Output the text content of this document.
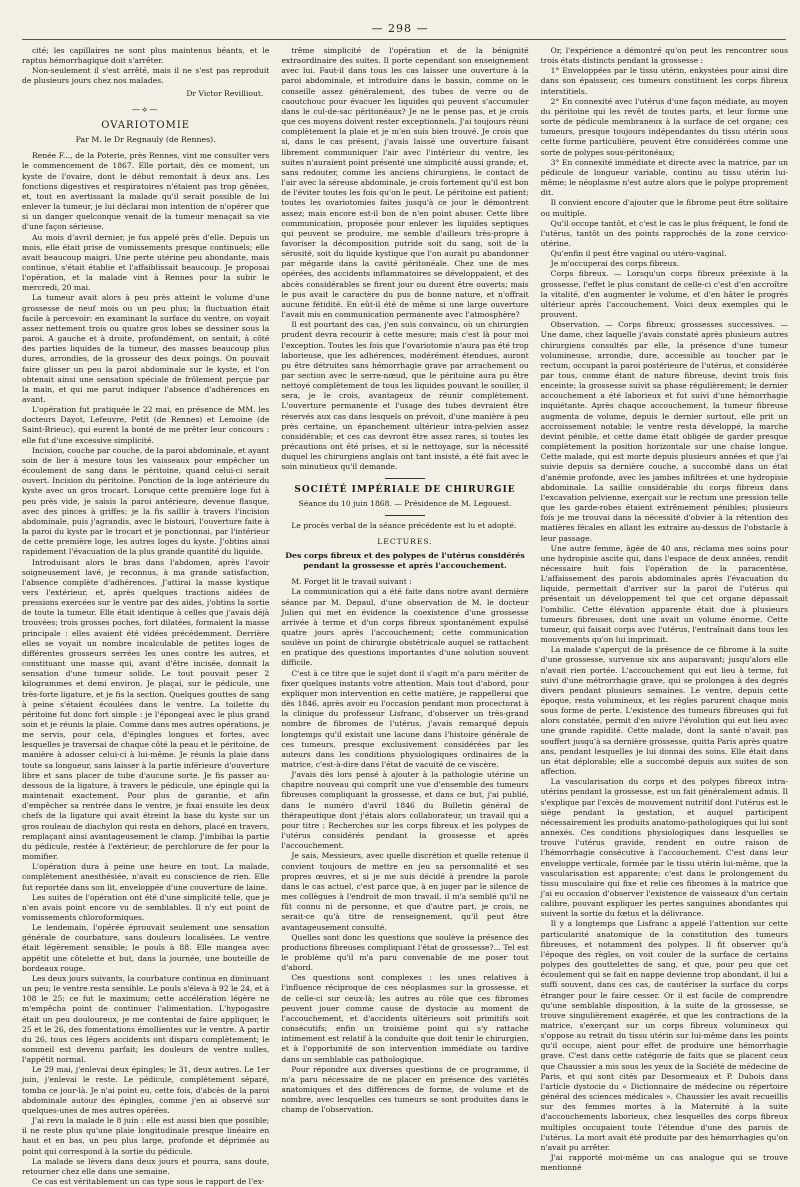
— 298 —

cité; les capillaires ne sont plus maintenus béants, et le raptus hémorrhagique doit s'arrêter.

Non-seulement il s'est arrêté, mais il ne s'est pas reproduit de plusieurs jours chez nos malades.

Dr Victor Revilliout.
—⟡—
OVARIOTOMIE
Par M. le Dr Regnauly (de Rennes).

Renée F..., de la Poterie, près Rennes, vint me consulter vers le commencement de 1867. Elle portait, dès ce moment, un kyste de l'ovaire, dont le début remontait à deux ans. Les fonctions digestives et respiratoires n'étaient pas trop gênées, et, tout en avertissant la malade qu'il serait possible de lui enlever la tumeur, je lui déclarai mon intention de n'opérer que si un danger quelconque venait de la tumeur menaçait sa vie d'une façon sérieuse.

Au mois d'avril dernier, je fus appelé près d'elle. Depuis un mois, elle était prise de vomissements presque continuels; elle avait beaucoup maigri. Une perte utérine peu abondante, mais continue, s'était établie et l'affaiblissait beaucoup. Je proposai l'opération, et la malade vint à Rennes pour la subir le mercredi, 20 mai.

La tumeur avait alors à peu près atteint le volume d'une grossesse de neuf mois ou un peu plus; la fluctuation était facile à percevoir: en examinant la surface du ventre, on voyait assez nettement trois ou quatre gros lobes se dessiner sous la paroi. A gauche et à droite, profondément, on sentait, à côté des parties liquides de la tumeur, des masses beaucoup plus dures, arrondies, de la grosseur des deux poings. On pouvait faire glisser un peu la paroi abdominale sur le kyste, et l'on obtenait ainsi une sensation spéciale de frôlement perçue par la main, et qui me parut indiquer l'absence d'adhérences en avant.

L'opération fut pratiquée le 22 mai, en présence de MM. les docteurs Dayot, Lefeuvre, Petit (de Rennes) et Lemoine (de Saint-Brieuc), qui eurent la bonté de me prêter leur concours : elle fut d'une excessive simplicité.

Incision, couche par couche, de la paroi abdominale, et ayant soin de lier à mesure tous les vaisseaux pour empêcher un écoulement de sang dans le péritoine, quand celui-ci serait ouvert. Incision du péritoine. Ponction de la loge antérieure du kyste avec un gros trocart. Lorsque cette première loge fut à peu près vide, je saisis la paroi antérieure, devenue flasque, avec des pinces à griffes; je la fis saillir à travers l'incision abdominale, puis j'agrandis, avec le bistouri, l'ouverture faite à la paroi du kyste par le trocart et je ponctionnai, par l'intérieur de cette première loge, les autres loges du kyste. J'obtins ainsi rapidement l'évacuation de la plus grande quantité du liquide.

Introduisant alors le bras dans l'abdomen, après l'avoir soigneusement lavé, je reconnus, à ma grande satisfaction, l'absence complète d'adhérences. J'attirai la masse kystique vers l'extérieur, et, après quelques tractions aidées de pressions exercées sur le ventre par des aides, j'obtins la sortie de toute la tumeur. Elle était identique à celles que j'avais déjà trouvées; trois grosses poches, fort dilatées, formaient la masse principale : elles avaient été vidées précédemment. Derrière elles se voyait un nombre incalculable de petites loges de différentes grosseurs serrées les unes contre les autres, et constituant une masse qui, avant d'être incisée, donnait la sensation d'une tumeur solide. Le tout pouvait peser 2 kilogrammes et demi environ. Je plaçai, sur le pédicule, une très-forte ligature, et je fis la section. Quelques gouttes de sang à peine s'étaient écoulées dans le ventre. La toilette du péritoine fut donc fort simple : je l'épongeai avec le plus grand soin et je réunis la plaie. Comme dans mes autres opérations, je me servis, pour cela, d'épingles longues et fortes, avec lesquelles je traversai de chaque côté la peau et le péritoine, de manière à adosser celui-ci à lui-même. Je réunis la plaie dans toute sa longueur, sans laisser à la partie inférieure d'ouverture libre et sans placer de tube d'aucune sorte. Je fis passer au-dessous de la ligature, à travers le pédicule, une épingle qui la maintenait exactement. Pour plus de garantie, et afin d'empêcher sa rentrée dans le ventre, je fixai ensuite les deux chefs de la ligature qui avait étreint la base du kyste sur un gros rouleau de diachylon qui resta en dehors, placé en travers, remplaçant ainsi avantageusement le clamp. J'imbibai la partie du pédicule, restée à l'extérieur, de perchlorure de fer pour la momifier.

L'opération dura à peine une heure en tout. La malade, complètement anesthésiée, n'avait eu conscience de rien. Elle fut reportée dans son lit, enveloppée d'une couverture de laine.

Les suites de l'opération ont été d'une simplicité telle, que je n'en avais point encore vu de semblables. Il n'y eut point de vomissements chloroformiques.

Le lendemain, l'opérée éprouvait seulement une sensation générale de courbature, sans douleurs localisées. Le ventre était légèrement sensible; le pouls à 88. Elle mangea avec appétit une côtelette et but, dans la journée, une bouteille de bordeaux rouge.

Les deux jours suivants, la courbature continua en diminuant un peu; le ventre resta sensible. Le pouls s'éleva à 92 le 24, et à 108 le 25; ce fut le maximum; cette accélération légère ne m'empêcha point de continuer l'alimentation. L'hypogastre était un peu douloureux, je me contentai de faire appliquer, le 25 et le 26, des fomentations émollientes sur le ventre. A partir du 26, tous ces légers accidents ont disparu complètement; le sommeil est devenu parfait; les douleurs de ventre nulles, l'appétit normal.

Le 29 mai, j'enlevai deux épingles; le 31, deux autres. Le 1er juin, j'enlevai le reste. Le pédicule, complètement séparé, tomba ce jour-là. Je n'ai point eu, cette fois, d'abcès de la paroi abdominale autour des épingles, comme j'en ai observé sur quelques-unes de mes autres opérées.

J'ai revu la malade le 8 juin : elle est aussi bien que possible; il ne reste plus qu'une plaie longitudinale presque linéaire en haut et en bas, un peu plus large, profonde et déprimée au point qui correspond à la sortie du pédicule.

La malade se lèvera dans deux jours et pourra, sans doute, retourner chez elle dans une semaine.

Ce cas est véritablement un cas type sous le rapport de l'ex-

trême simplicité de l'opération et de la bénignité extraordinaire des suites. Il porte cependant son enseignement avec lui. Faut-il dans tous les cas laisser une ouverture à la paroi abdominale, et introduire dans le bassin, comme on le conseille assez généralement, des tubes de verre ou de caoutchouc pour évacuer les liquides qui peuvent s'accumuler dans le cul-de-sac péritonéaux? Je ne le pense pas, et je crois que ces moyens doivent rester exceptionnels. J'ai toujours réuni complètement la plaie et je m'en suis bien trouvé. Je crois que si, dans le cas présent, j'avais laissé une ouverture faisant librement communiquer l'air avec l'intérieur du ventre, les suites n'auraient point présenté une simplicité aussi grande; et, sans redouter, comme les anciens chirurgiens, le contact de l'air avec la séreuse abdominale, je crois fortement qu'il est bon de l'éviter toutes les fois qu'on le peut. Le péritoine est patient; toutes les ovariotomies faites jusqu'à ce jour le démontrent assez; mais encore est-il bon de n'en point abuser. Cette libre communication, proposée pour enlever les liquides septiques qui peuvent se produire, me semble d'ailleurs très-propre à favoriser la décomposition putride soit du sang, soit de la sérosité, soit du liquide kystique que l'on aurait pu abandonner par mégarde dans la cavité péritonéale. Chez une de mes opérées, des accidents inflammatoires se développaient, et des abcès considérables se firent jour ou durent être ouverts; mais le pus avait le caractère du pus de bonne nature, et n'offrait aucune fétidité. En eût-il été de même si une large ouverture l'avait mis en communication permanente avec l'atmosphère?

Il est pourtant des cas, j'en suis convaincu, où un chirurgien prudent devra recourir à cette mesure; mais c'est là pour moi l'exception. Toutes les fois que l'ovariotomie n'aura pas été trop laborieuse, que les adhérences, modérément étendues, auront pu être détruites sans hémorrhagie grave par arrachement ou par section avec le serre-nœud, que le péritoine aura pu être nettoyé complètement de tous les liquides pouvant le souiller, il sera, je le crois, avantageux de réunir complètement. L'ouverture permanente et l'usage des tubes devraient être réservés aux cas dans lesquels on prévoit, d'une manière à peu près certaine, un épanchement ultérieur intra-pelvien assez considérable; et ces cas devront être assez rares, si toutes les précautions ont été prises, et si le nettoyage, sur la nécessité duquel les chirurgiens anglais ont tant insisté, a été fait avec le soin minutieux qu'il demande.

SOCIÉTÉ IMPÉRIALE DE CHIRURGIE
Séance du 10 juin 1868. — Présidence de M. Legouest.

Le procès verbal de la séance précédente est lu et adopté.

LECTURES.
Des corps fibreux et des polypes de l'utérus considérés pendant la grossesse et après l'accouchement.

M. Forget lit le travail suivant :

La communication qui a été faite dans notre avant dernière séance par M. Depaul, d'une observation de M. le docteur Julien qui met en évidence la coexistence d'une grossesse arrivée à terme et d'un corps fibreux spontanément expulsé quatre jours après l'accouchement; cette communication soulève un point de chirurgie obstétricale auquel se rattachent en pratique des questions importantes d'une solution souvent difficile.

C'est à ce titre que le sujet dont il s'agit m'a paru mériter de fixer quelques instants votre attention. Mais tout d'abord, pour expliquer mon intervention en cette matière, je rappellerai que dès 1846, après avoir eu l'occasion pendant mon procectorat à la clinique du professeur Lisfranc, d'observer un très-grand nombre de fibromes de l'utérus, j'avais remarqué depuis longtemps qu'il existait une lacune dans l'histoire générale de ces tumeurs, presque exclusivement considérées par les auteurs dans les conditions physiologiques ordinaires de la matrice, c'est-à-dire dans l'état de vacuité de ce viscère.

J'avais dès lors pensé à ajouter à la pathologie utérine un chapitre nouveau qui comprît une vue d'ensemble des tumeurs fibreuses compliquant la grossesse, et dans ce but, j'ai publié, dans le numéro d'avril 1846 du Bulletin général de thérapeutique dont j'étais alors collaborateur, un travail qui a pour titre : Recherches sur les corps fibreux et les polypes de l'utérus considérés pendant la grossesse et après l'accouchement.

Je sais, Messieurs, avec quelle discrétion et quelle retenue il convient toujours de mettre en jeu sa personnalité et ses propres œuvres, et si je me suis décidé à prendre la parole dans le cas actuel, c'est parce que, à en juger par le silence de mes collègues à l'endroit de mon travail, il m'a semblé qu'il ne fût connu ni de personne, et que d'autre part, je crois, ne serait-ce qu'à titre de renseignement, qu'il peut être avantageusement consulté.

Quelles sont donc les questions que soulève la présence des productions fibreuses compliquant l'état de grossesse?... Tel est le problème qu'il m'a paru convenable de me poser tout d'abord.

Ces questions sont complexes : les unes relatives à l'influence réciproque de ces néoplasmes sur la grossesse, et de celle-ci sur ceux-là; les autres au rôle que ces fibromes peuvent jouer comme cause de dystocie au moment de l'accouchement, et d'accidents ultérieurs soit primitifs soit consécutifs; enfin un troisième point qui s'y rattache intimement est relatif à la conduite que doit tenir le chirurgien, et à l'opportunité de son intervention immédiate ou tardive dans un semblable cas pathologique.

Pour répondre aux diverses questions de ce programme, il m'a paru nécessaire de ne placer en présence des variétés anatomiques et des différences de forme, de volume et de nombre, avec lesquelles ces tumeurs se sont produites dans le champ de l'observation.

Or, l'expérience a démontré qu'on peut les rencontrer sous trois états distincts pendant la grossesse :

1° Enveloppées par le tissu utérin, enkystées pour ainsi dire dans son épaisseur, ces tumeurs constituent les corps fibreux interstitiels.

2° En connexité avec l'utérus d'une façon médiate, au moyen du péritoine qui les revêt de toutes parts, et leur forme une sorte de pédicule membraneux à la surface de cet organe; ces tumeurs, presque toujours indépendantes du tissu utérin sous cette forme particulière, peuvent être considérées comme une sorte de polypes sous-péritonéaux;

3° En connexité immédiate et directe avec la matrice, par un pédicule de longueur variable, continu au tissu utérin lui-même; le néoplasme n'est autre alors que le polype proprement dit.

Il convient encore d'ajouter que le fibrome peut être solitaire ou multiple.

Qu'il occupe tantôt, et c'est le cas le plus fréquent, le fond de l'utérus, tantôt un des points rapprochés de la zone cervico-utérine.

Qu'enfin il peut être vaginal ou utéro-vaginal.

Je m'occuperai des corps fibreux.

Corps fibreux. — Lorsqu'un corps fibreux préexiste à la grossesse, l'effet le plus constant de celle-ci c'est d'en accroître la vitalité, d'en augmenter le volume, et d'en hâter le progrès ultérieur après l'accouchement. Voici deux exemples qui le prouvent.

Observation. — Corps fibreux; grossesses successives. — Une dame, chez laquelle j'avais constaté après plusieurs autres chirurgiens consultés par elle, la présence d'une tumeur volumineuse, arrondie, dure, accessible au toucher par le rectum, occupant la paroi postérieure de l'utérus, et considérée par tous, comme étant de nature fibreuse, devint trois fois enceinte; la grossesse suivit sa phase régulièrement; le dernier accouchement a été laborieux et fut suivi d'une hémorrhagie inquiétante. Après chaque accouchement, la tumeur fibreuse augmenta de volume, depuis le dernier surtout, elle prit un accroissement notable; le ventre resta développé, la marche devint pénible, et cette dame était obligée de garder presque complètement la position horizontale sur une chaise longue. Cette malade, qui est morte depuis plusieurs années et que j'ai suivie depuis sa dernière couche, a succombé dans un état d'anémie profonde, avec les jambes infiltrées et une hydropisie abdominale. La saillie considérable du corps fibreux dans l'excavation pelvienne, exerçait sur le rectum une pression telle que les garde-robes étaient extrêmement pénibles; plusieurs fois je me trouvai dans la nécessité d'obvier à la rétention des matières fécales en allant les extraire au-dessus de l'obstacle à leur passage.

Une autre femme, âgée de 40 ans, réclama mes soins pour une hydropisie ascite qui, dans l'espace de deux années, rendit nécessaire huit fois l'opération de la paracentèse. L'affaissement des parois abdominales après l'évacuation du liquide, permettait d'arriver sur la paroi de l'utérus qui présentait un développement tel que cet organe dépassait l'ombilic. Cette élévation apparente était due à plusieurs tumeurs fibreuses, dont une avait un volume énorme. Cette tumeur, qui faisait corps avec l'utérus, l'entraînait dans tous les mouvements qu'on lui imprimait.

La malade s'aperçut de la présence de ce fibrome à la suite d'une grossesse, survenue six ans auparavant; jusqu'alors elle n'avait rien portée. L'accouchement qui eut lieu à terme, fut suivi d'une métrorrhagie grave, qui se prolongea à des degrés divers pendant plusieurs semaines. Le ventre, depuis cette époque, resta volumineux, et les règles parurent chaque mois sous forme de perte. L'existence des tumeurs fibreuses qui fut alors constatée, permit d'en suivre l'évolution qui eut lieu avec une grande rapidité. Cette malade, dont la santé n'avait pas souffert jusqu'à sa dernière grossesse, quitta Paris après quatre ans, pendant lesquelles je lui donnai des soins. Elle était dans un état déplorable; elle a succombé depuis aux suites de son affection.

La vascularisation du corps et des polypes fibreux intra-utérins pendant la grossesse, est un fait généralement admis. Il s'explique par l'excès de mouvement nutritif dont l'utérus est le siège pendant la gestation, et auquel participent nécessairement les produits anatomo-pathologiques qui lui sont annexés. Ces conditions physiologiques dans lesquelles se trouve l'utérus gravide, rendent en outre raison de l'hémorrhagie consécutive à l'accouchement. C'est dans leur enveloppe verticale, formée par le tissu utérin lui-même, que la vascularisation est apparente; c'est dans le prolongement du tissu musculaire qui fixe et relie ces fibromes à la matrice que j'ai eu occasion d'observer l'existence de vaisseaux d'un certain calibre, pouvant expliquer les pertes sanguines abondantes qui suivent la sortie du fœtus et la délivrance.

Il y a longtemps que Lisfranc a appelé l'attention sur cette particularité anatomique de la constitution des tumeurs fibreuses, et notamment des polypes. Il fit observer qu'à l'époque des règles, on voit couler de la surface de certains polypes des gouttelettes de sang, et que, pour peu que cet écoulement qui se fait en nappe devienne trop abondant, il lui a suffi souvent, dans ces cas, de cautériser la surface du corps étranger pour le faire cesser. Or il est facile de comprendre qu'une semblable disposition, à la suite de la grossesse, se trouve singulièrement exagérée, et que les contractions de la matrice, s'exerçant sur un corps fibreux volumineux qui s'oppose au retrait du tissu utérin sur lui-même dans les points qu'il occupe, aient pour effet de produire une hémorrhagie grave. C'est dans cette catégorie de faits que se placent ceux que Chaussier a mis sous les yeux de la Société de médecine de Paris, et qui sont cités par Desormeaux et P. Dubois dans l'article dystocie du « Dictionnaire de médecine ou répertoire général des sciences médicales ». Chaussier les avait recueillis sur des femmes mortes à la Maternité à la suite d'accouchements laborieux, chez lesquelles des corps fibreux multiples occupaient toute l'étendue d'une des parois de l'utérus. La mort avait été produite par des hémorrhagies qu'on n'avait pu arrêter.

J'ai rapporté moi-même un cas analogue qui se trouve mentionné
